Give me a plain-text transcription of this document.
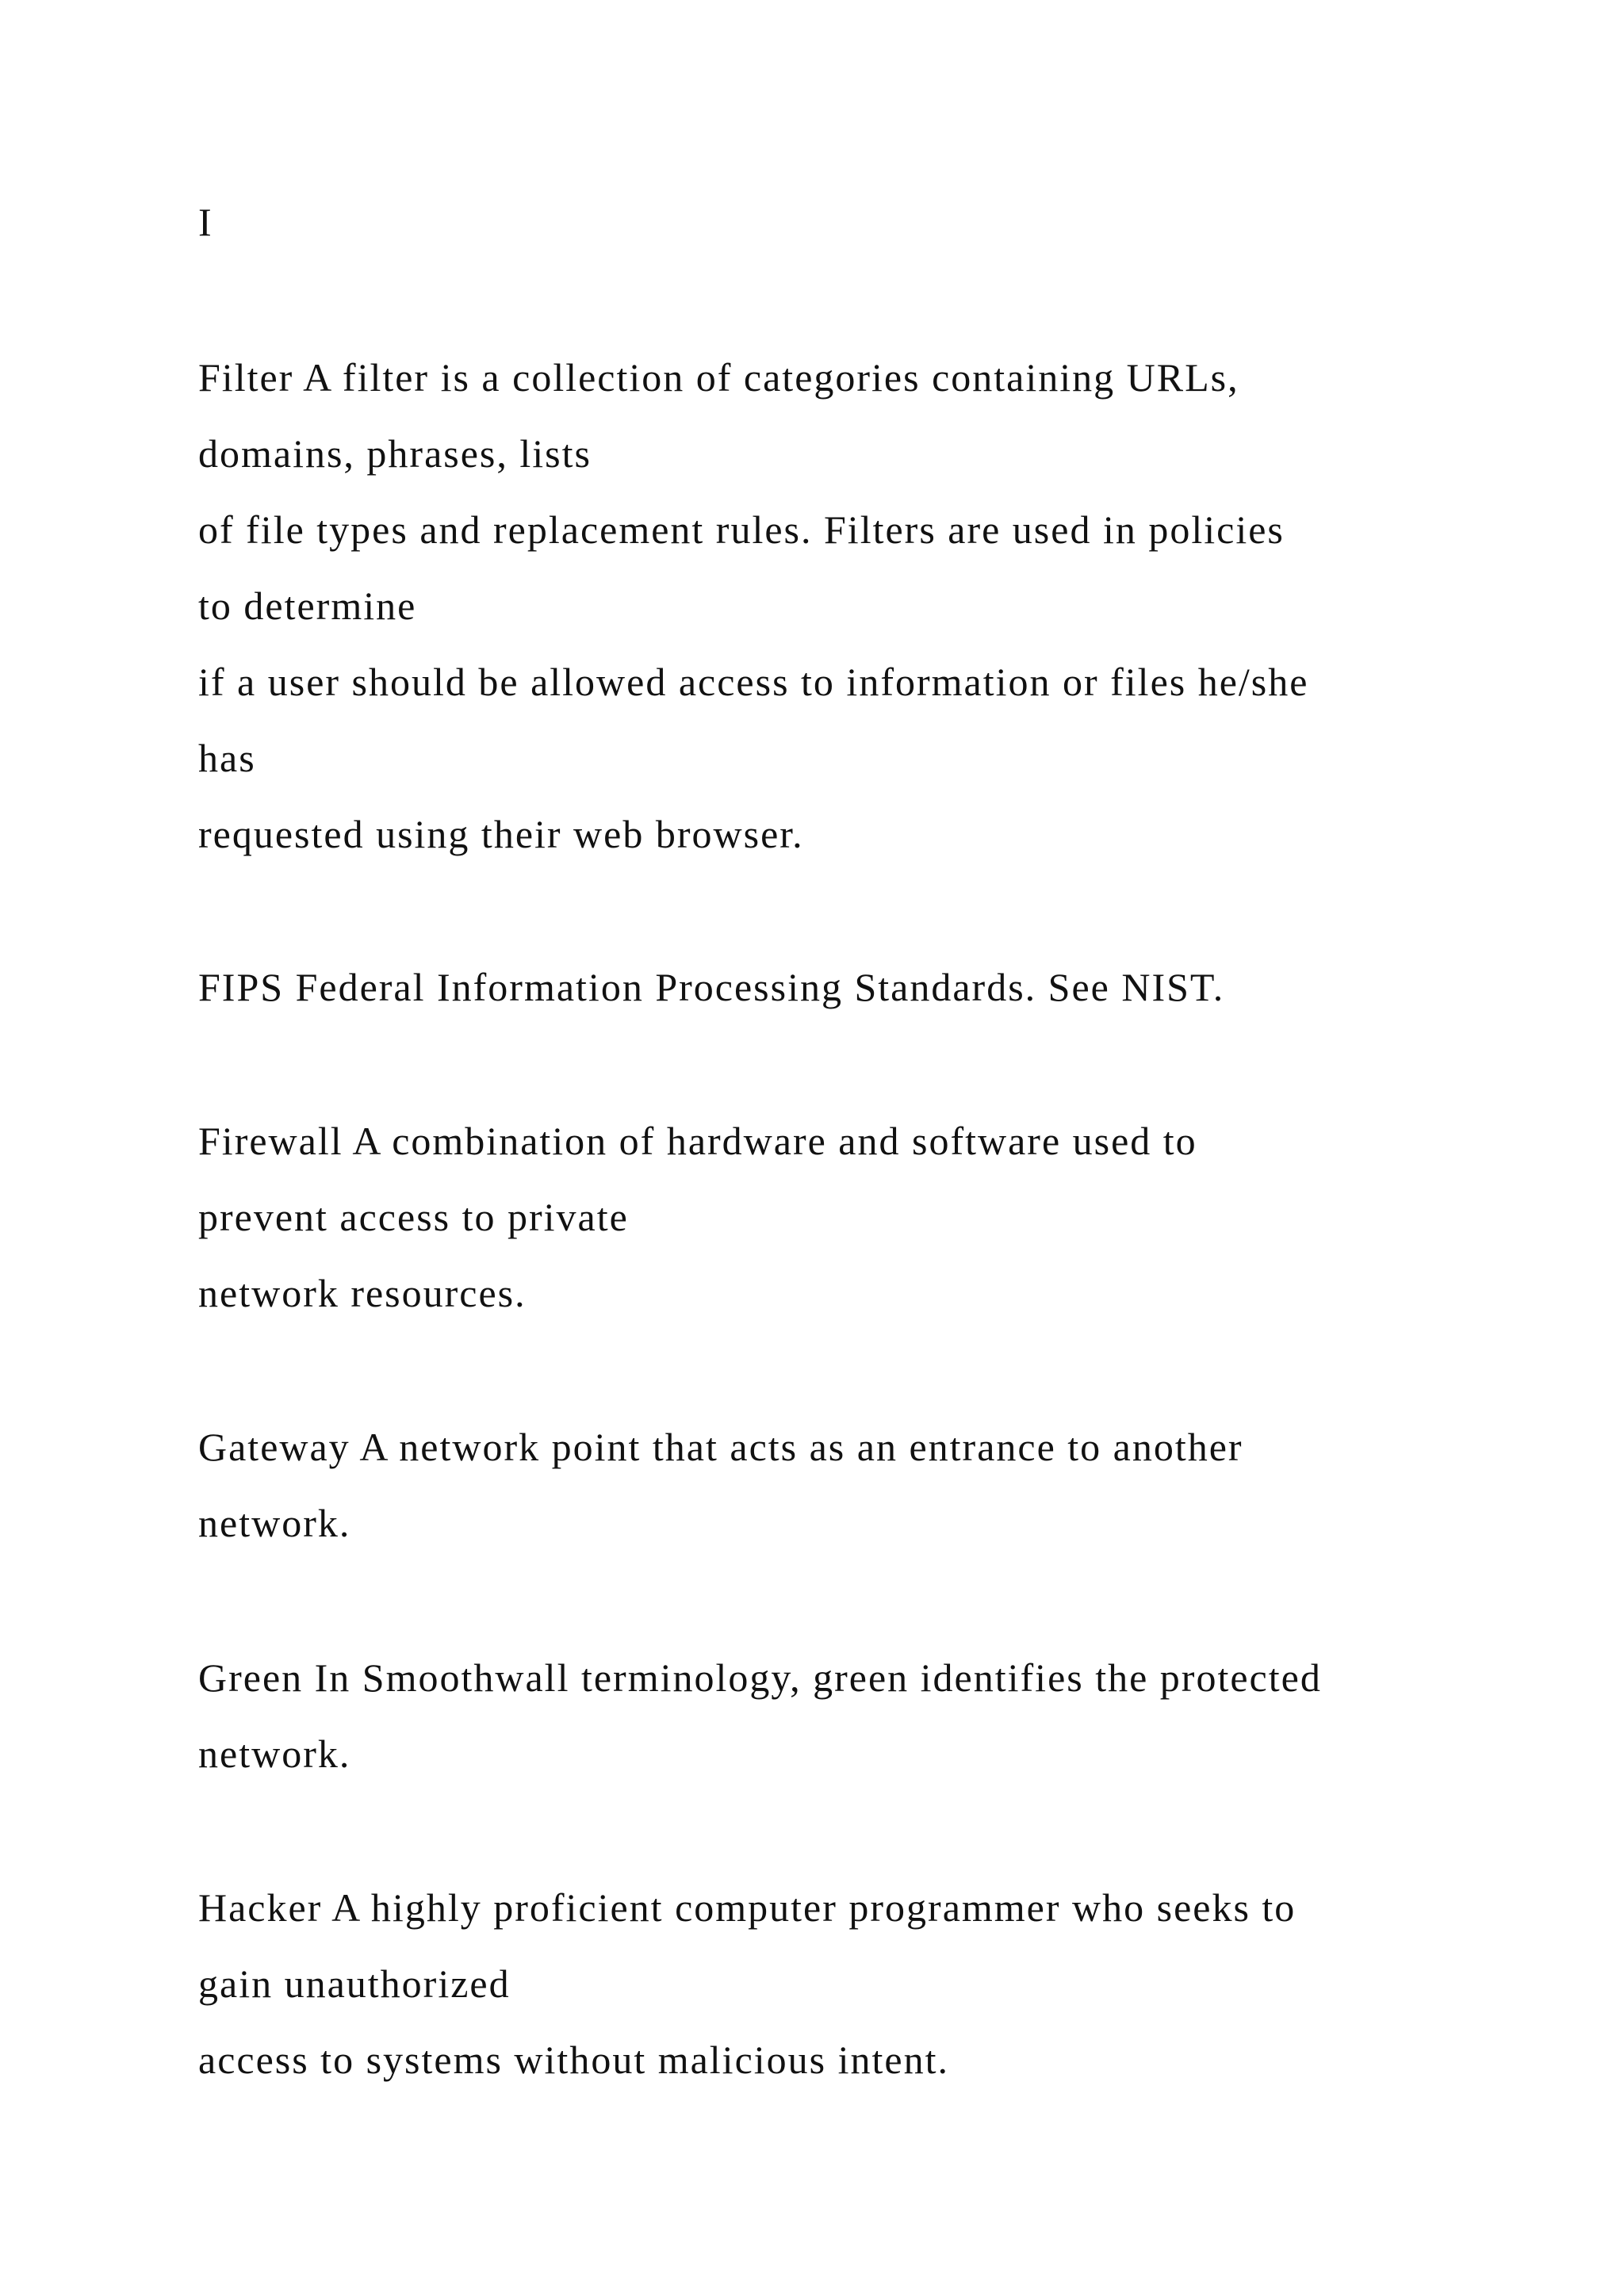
I

Filter A filter is a collection of categories containing URLs,

domains, phrases, lists

of file types and replacement rules. Filters are used in policies

to determine

if a user should be allowed access to information or files he/she

has

requested using their web browser.

FIPS Federal Information Processing Standards. See NIST.

Firewall A combination of hardware and software used to

prevent access to private

network resources.

Gateway A network point that acts as an entrance to another

network.

Green In Smoothwall terminology, green identifies the protected

network.

Hacker A highly proficient computer programmer who seeks to

gain unauthorized

access to systems without malicious intent.
